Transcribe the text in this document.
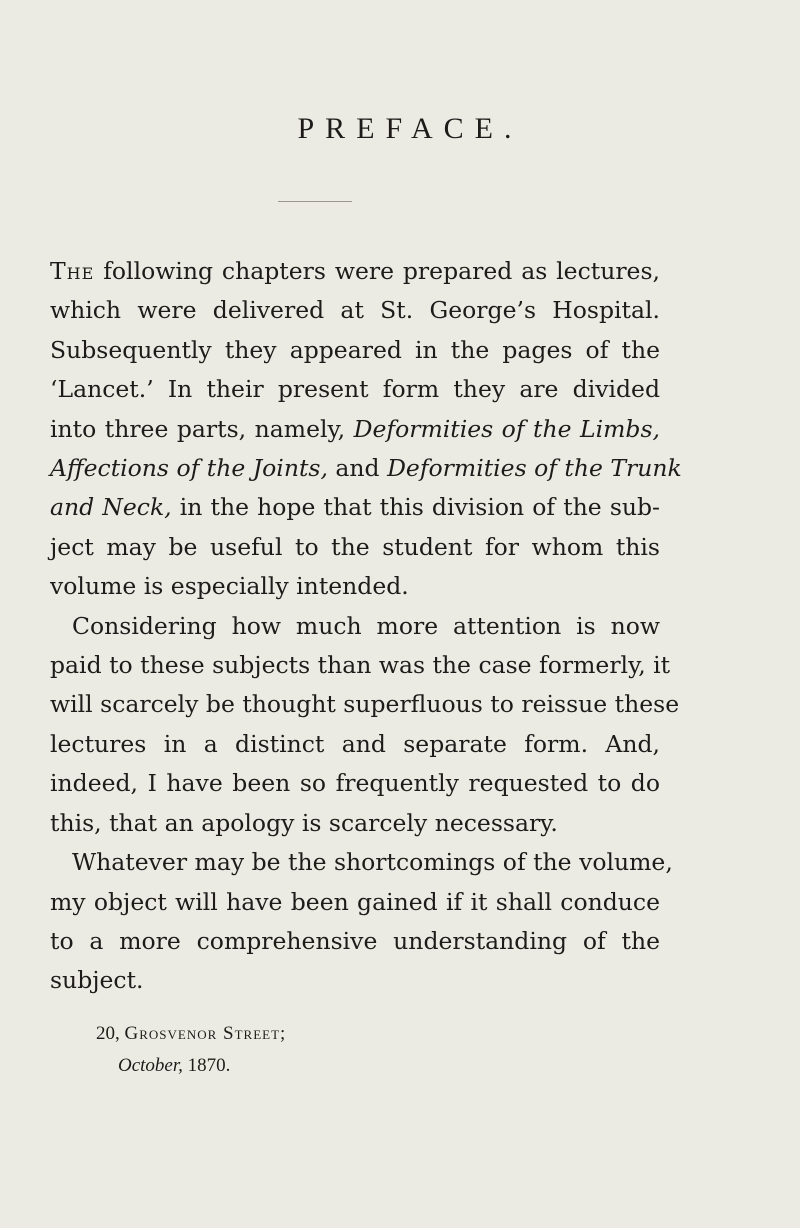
PREFACE.
The following chapters were prepared as lectures,
which were delivered at St. George’s Hospital.
Subsequently they appeared in the pages of the
‘Lancet.’ In their present form they are divided
into three parts, namely, Deformities of the Limbs,
Affections of the Joints, and Deformities of the Trunk
and Neck, in the hope that this division of the sub-
ject may be useful to the student for whom this
volume is especially intended.
Considering how much more attention is now
paid to these subjects than was the case formerly, it
will scarcely be thought superfluous to reissue these
lectures in a distinct and separate form. And,
indeed, I have been so frequently requested to do
this, that an apology is scarcely necessary.
Whatever may be the shortcomings of the volume,
my object will have been gained if it shall conduce
to a more comprehensive understanding of the
subject.
20, Grosvenor Street;
October, 1870.
